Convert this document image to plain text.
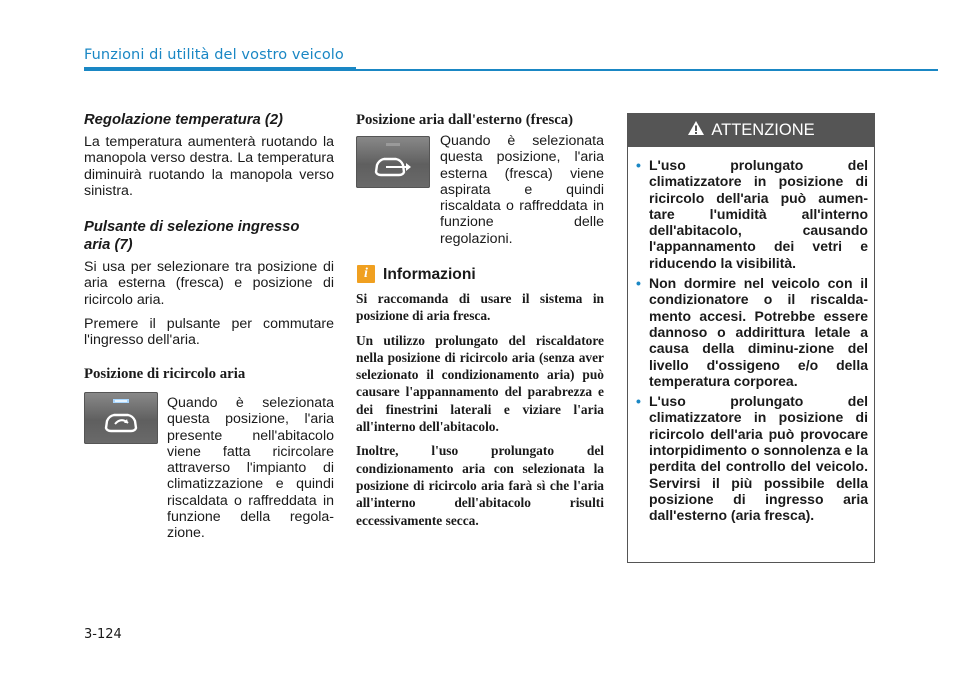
Funzioni di utilità del vostro veicolo
Regolazione temperatura (2)
La temperatura aumenterà ruotando la manopola verso destra. La temperatura diminuirà ruotando la manopola verso sinistra.
Pulsante di selezione ingresso
aria (7)
Si usa per selezionare tra posizione di aria esterna (fresca) e posizione di ricircolo aria.
Premere il pulsante per commutare l'ingresso dell'aria.
Posizione di ricircolo aria
Quando è selezionata questa posizione, l'aria presente nell'abitacolo viene fatta ricircolare attraverso l'impianto di climatizzazione e quindi riscaldata o raffreddata in funzione della regola-zione.
Posizione aria dall'esterno (fresca)
Quando è selezionata questa posizione, l'aria esterna (fresca) viene aspirata e quindi riscaldata o raffreddata in funzione delle regolazioni.
i Informazioni
Si raccomanda di usare il sistema in posizione di aria fresca.
Un utilizzo prolungato del riscaldatore nella posizione di ricircolo aria (senza aver selezionato il condizionamento aria) può causare l'appannamento del parabrezza e dei finestrini laterali e viziare l'aria all'interno dell'abitacolo.
Inoltre, l'uso prolungato del condizionamento aria con selezionata la posizione di ricircolo aria farà sì che l'aria all'interno dell'abitacolo risulti eccessivamente secca.
ATTENZIONE
• L'uso prolungato del climatizzatore in posizione di ricircolo dell'aria può aumen-tare l'umidità all'interno dell'abitacolo, causando l'appannamento dei vetri e riducendo la visibilità.
• Non dormire nel veicolo con il condizionatore o il riscalda-mento accesi. Potrebbe essere dannoso o addirittura letale a causa della diminu-zione del livello d'ossigeno e/o della temperatura corporea.
• L'uso prolungato del climatizzatore in posizione di ricircolo dell'aria può provocare intorpidimento o sonnolenza e la perdita del controllo del veicolo. Servirsi il più possibile della posizione di ingresso aria dall'esterno (aria fresca).
3-124
